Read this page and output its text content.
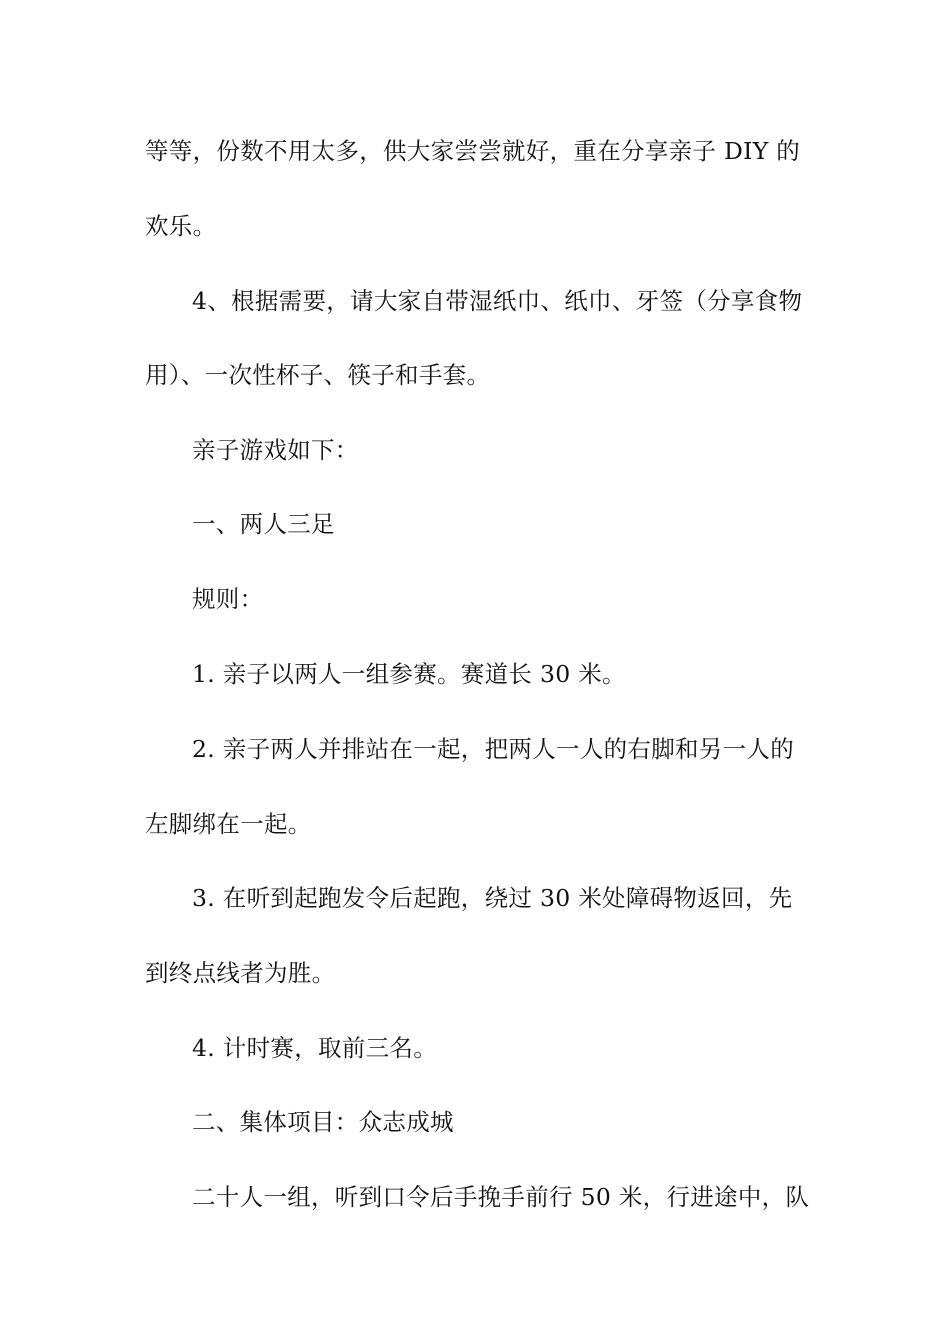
等等，份数不用太多，供大家尝尝就好，重在分享亲子 DIY 的
欢乐。
4、根据需要，请大家自带湿纸巾、纸巾、牙签（分享食物
用）、一次性杯子、筷子和手套。
亲子游戏如下：
一、两人三足
规则：
1. 亲子以两人一组参赛。赛道长 30 米。
2. 亲子两人并排站在一起，把两人一人的右脚和另一人的
左脚绑在一起。
3. 在听到起跑发令后起跑，绕过 30 米处障碍物返回，先
到终点线者为胜。
4. 计时赛，取前三名。
二、集体项目：众志成城
二十人一组，听到口令后手挽手前行 50 米，行进途中，队
